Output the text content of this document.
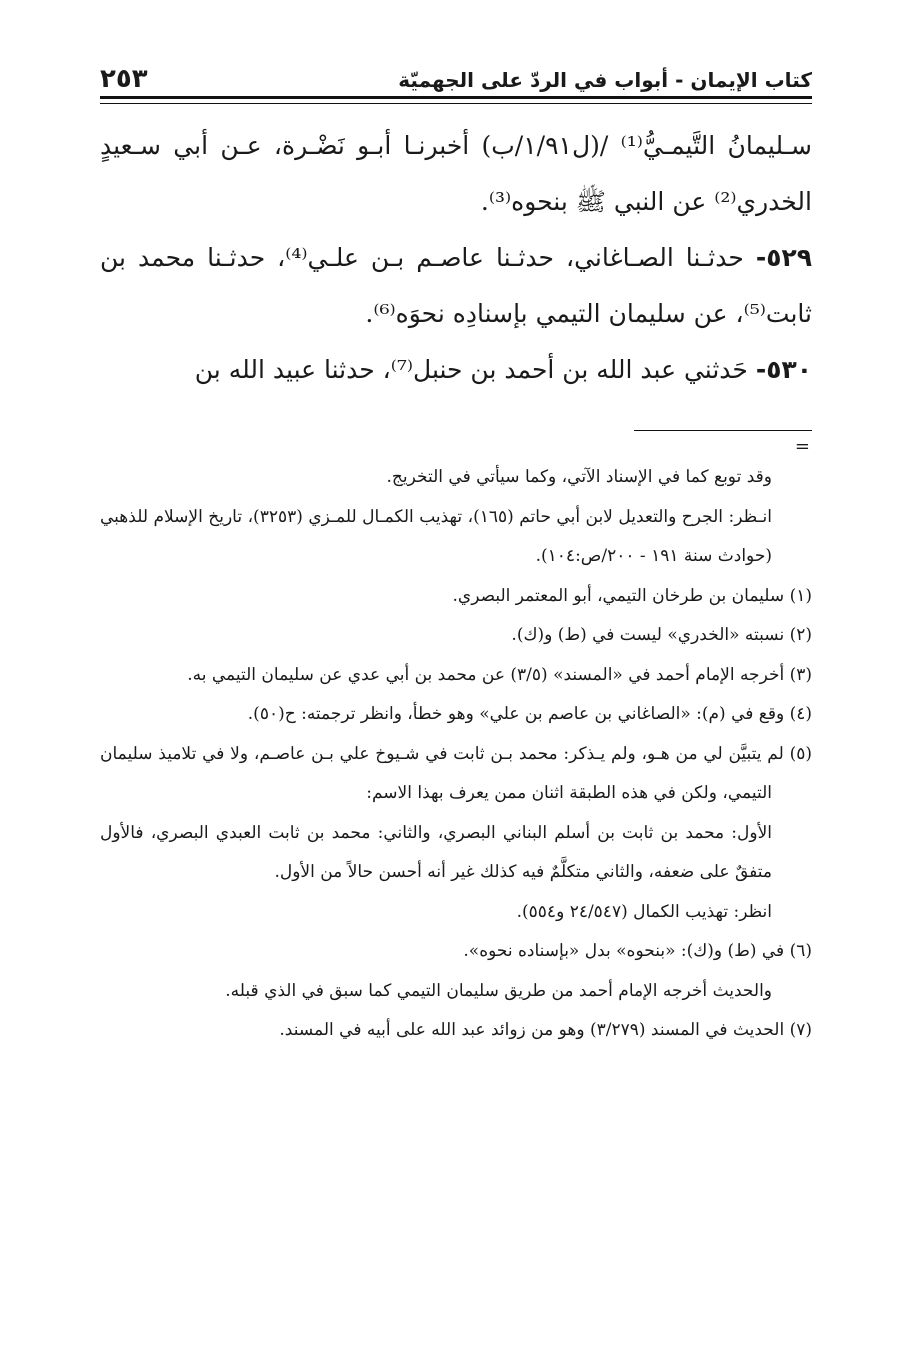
كتاب الإيمان - أبواب في الردّ على الجهميّة
٢٥٣

سـليمانُ التَّيمـيُّ⁽¹⁾ /(ل١/٩١/ب) أخبرنـا أبـو نَضْـرة، عـن أبي سـعيدٍ الخدري⁽²⁾ عن النبي ﷺ بنحوه⁽³⁾.

٥٢٩- حدثـنا الصـاغاني، حدثـنا عاصـم بـن علـي⁽⁴⁾، حدثـنا محمد بن ثابت⁽⁵⁾، عن سليمان التيمي بإسنادِه نحوَه⁽⁶⁾.

٥٣٠- حَدثني عبد الله بن أحمد بن حنبل⁽⁷⁾، حدثنا عبيد الله بن

=

وقد توبع كما في الإسناد الآتي، وكما سيأتي في التخريج.

انـظر: الجرح والتعديل لابن أبي حاتم (١٦٥)، تهذيب الكمـال للمـزي (٣٢٥٣)، تاريخ الإسلام للذهبي (حوادث سنة ١٩١ - ٢٠٠/ص:١٠٤).

(١) سليمان بن طرخان التيمي، أبو المعتمر البصري.

(٢) نسبته «الخدري» ليست في (ط) و(ك).

(٣) أخرجه الإمام أحمد في «المسند» (٣/٥) عن محمد بن أبي عدي عن سليمان التيمي به.

(٤) وقع في (م): «الصاغاني بن عاصم بن علي» وهو خطأ، وانظر ترجمته: ح(٥٠).

(٥) لم يتبيَّن لي من هـو، ولم يـذكر: محمد بـن ثابت في شـيوخ علي بـن عاصـم، ولا في تلاميذ سليمان التيمي، ولكن في هذه الطبقة اثنان ممن يعرف بهذا الاسم:

الأول: محمد بن ثابت بن أسلم البناني البصري، والثاني: محمد بن ثابت العبدي البصري، فالأول متفقٌ على ضعفه، والثاني متكلَّمٌ فيه كذلك غير أنه أحسن حالاً من الأول.

انظر: تهذيب الكمال (٢٤/٥٤٧ و٥٥٤).

(٦) في (ط) و(ك): «بنحوه» بدل «بإسناده نحوه».

والحديث أخرجه الإمام أحمد من طريق سليمان التيمي كما سبق في الذي قبله.

(٧) الحديث في المسند (٣/٢٧٩) وهو من زوائد عبد الله على أبيه في المسند.
